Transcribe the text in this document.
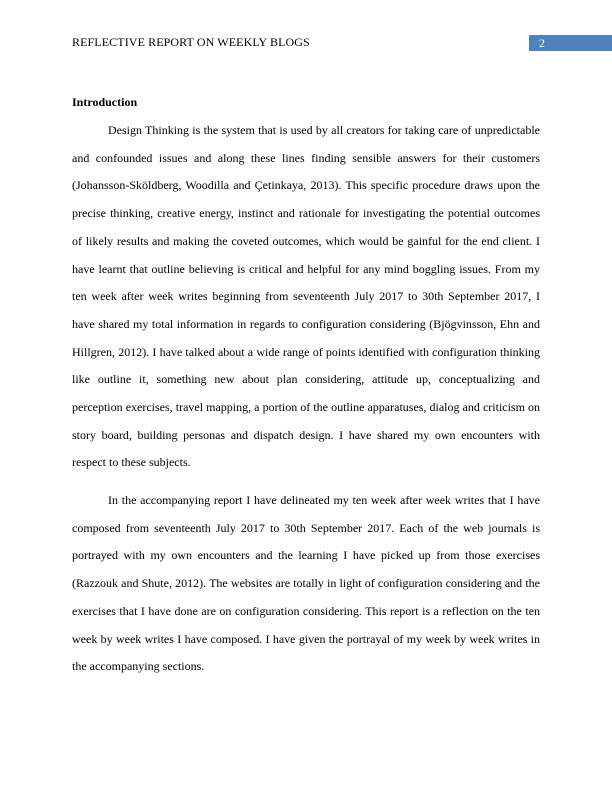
REFLECTIVE REPORT ON WEEKLY BLOGS	2
Introduction

Design Thinking is the system that is used by all creators for taking care of unpredictable and confounded issues and along these lines finding sensible answers for their customers (Johansson-Sköldberg, Woodilla and Çetinkaya, 2013). This specific procedure draws upon the precise thinking, creative energy, instinct and rationale for investigating the potential outcomes of likely results and making the coveted outcomes, which would be gainful for the end client. I have learnt that outline believing is critical and helpful for any mind boggling issues. From my ten week after week writes beginning from seventeenth July 2017 to 30th September 2017, I have shared my total information in regards to configuration considering (Bjögvinsson, Ehn and Hillgren, 2012). I have talked about a wide range of points identified with configuration thinking like outline it, something new about plan considering, attitude up, conceptualizing and perception exercises, travel mapping, a portion of the outline apparatuses, dialog and criticism on story board, building personas and dispatch design. I have shared my own encounters with respect to these subjects.

In the accompanying report I have delineated my ten week after week writes that I have composed from seventeenth July 2017 to 30th September 2017. Each of the web journals is portrayed with my own encounters and the learning I have picked up from those exercises (Razzouk and Shute, 2012). The websites are totally in light of configuration considering and the exercises that I have done are on configuration considering. This report is a reflection on the ten week by week writes I have composed. I have given the portrayal of my week by week writes in the accompanying sections.
